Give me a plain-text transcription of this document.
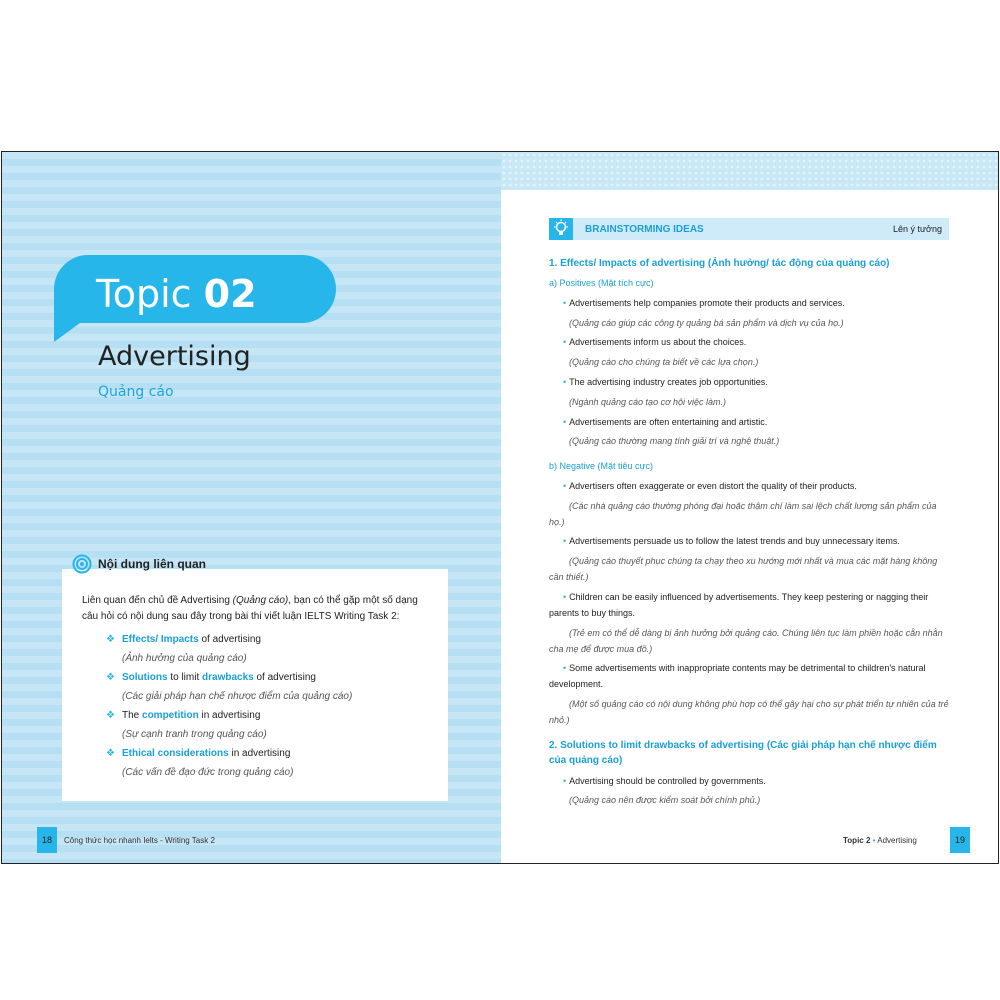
Topic 02
Advertising
Quảng cáo
Nội dung liên quan
Liên quan đến chủ đề Advertising (Quảng cáo), bạn có thể gặp một số dạng câu hỏi có nội dung sau đây trong bài thi viết luận IELTS Writing Task 2:
❖ Effects/ Impacts of advertising
(Ảnh hưởng của quảng cáo)
❖ Solutions to limit drawbacks of advertising
(Các giải pháp hạn chế nhược điểm của quảng cáo)
❖ The competition in advertising
(Sự cạnh tranh trong quảng cáo)
❖ Ethical considerations in advertising
(Các vấn đề đạo đức trong quảng cáo)
18	Công thức học nhanh Ielts - Writing Task 2
BRAINSTORMING IDEAS	Lên ý tưởng
1. Effects/ Impacts of advertising (Ảnh hưởng/ tác động của quảng cáo)
a) Positives (Mặt tích cực)
• Advertisements help companies promote their products and services.
(Quảng cáo giúp các công ty quảng bá sản phẩm và dịch vụ của họ.)
• Advertisements inform us about the choices.
(Quảng cáo cho chúng ta biết về các lựa chọn.)
• The advertising industry creates job opportunities.
(Ngành quảng cáo tạo cơ hội việc làm.)
• Advertisements are often entertaining and artistic.
(Quảng cáo thường mang tính giải trí và nghệ thuật.)
b) Negative (Mặt tiêu cực)
• Advertisers often exaggerate or even distort the quality of their products.
(Các nhà quảng cáo thường phóng đại hoặc thậm chí làm sai lệch chất lượng sản phẩm của họ.)
• Advertisements persuade us to follow the latest trends and buy unnecessary items.
(Quảng cáo thuyết phục chúng ta chạy theo xu hướng mới nhất và mua các mặt hàng không cần thiết.)
• Children can be easily influenced by advertisements. They keep pestering or nagging their parents to buy things.
(Trẻ em có thể dễ dàng bị ảnh hưởng bởi quảng cáo. Chúng liên tục làm phiền hoặc cằn nhằn cha mẹ để được mua đồ.)
• Some advertisements with inappropriate contents may be detrimental to children's natural development.
(Một số quảng cáo có nội dung không phù hợp có thể gây hại cho sự phát triển tự nhiên của trẻ nhỏ.)
2. Solutions to limit drawbacks of advertising (Các giải pháp hạn chế nhược điểm của quảng cáo)
• Advertising should be controlled by governments.
(Quảng cáo nên được kiểm soát bởi chính phủ.)
Topic 2 • Advertising	19
